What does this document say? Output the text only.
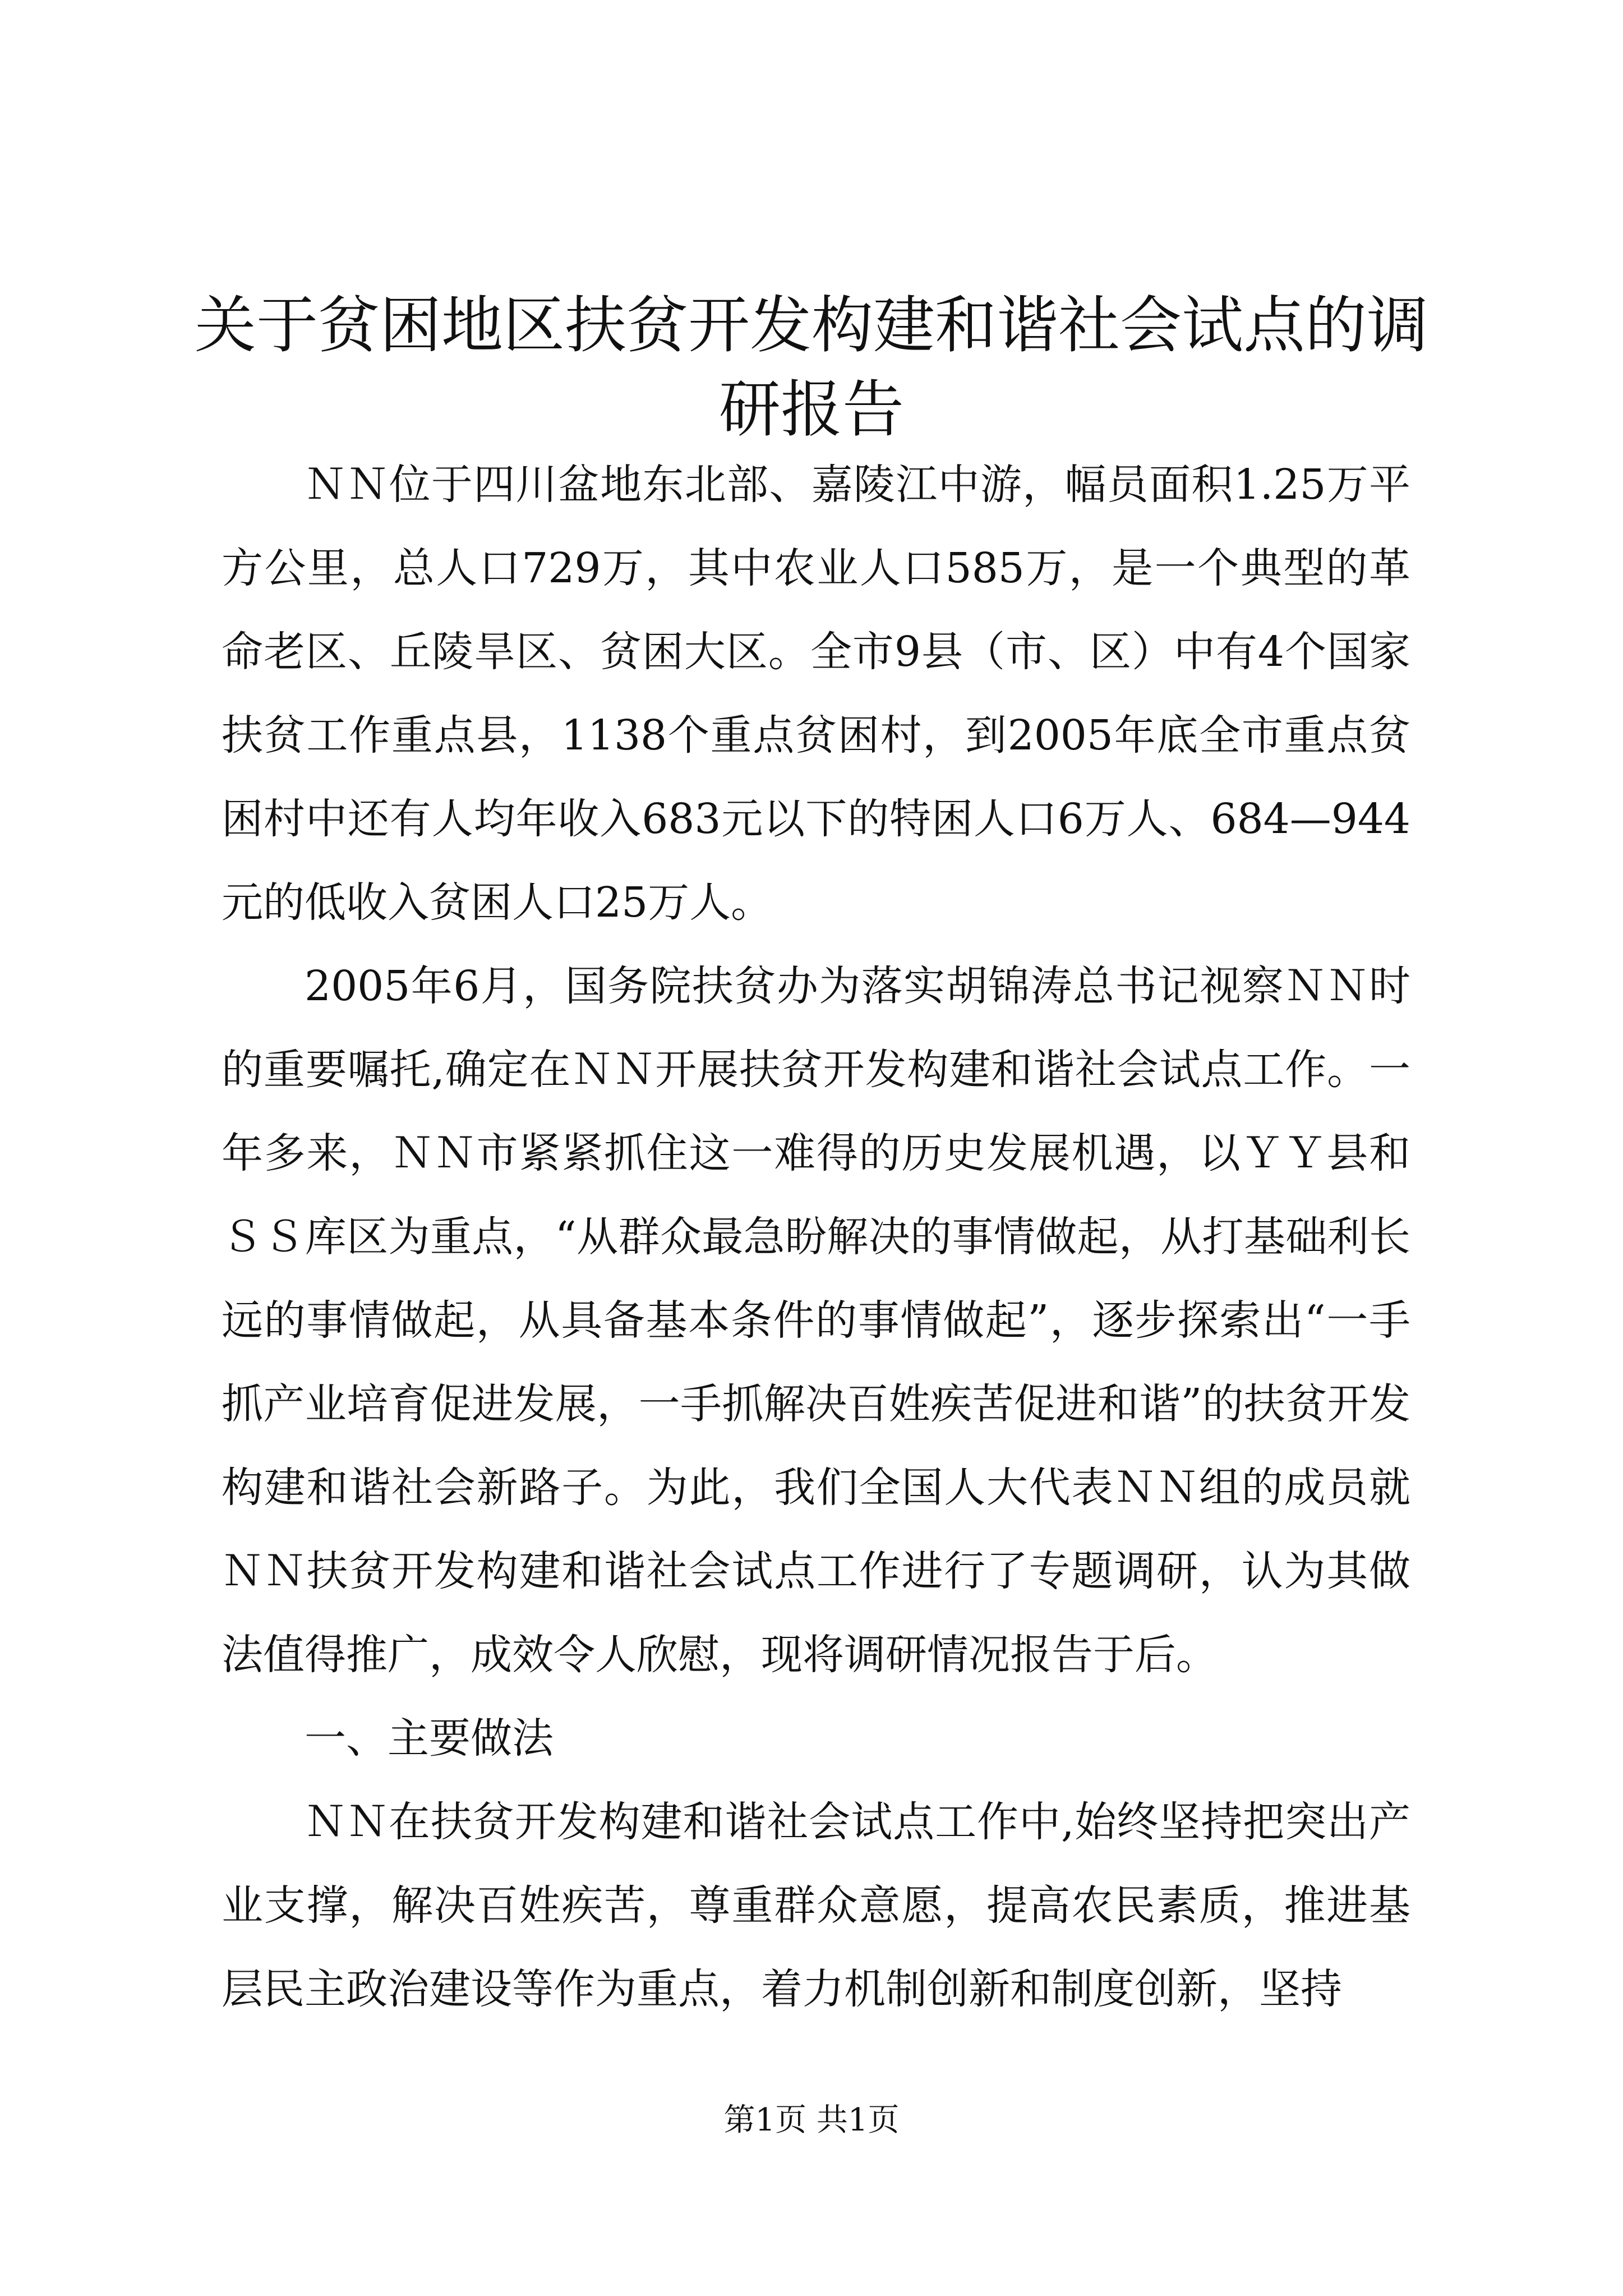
关于贫困地区扶贫开发构建和谐社会试点的调研报告

ＮＮ位于四川盆地东北部、嘉陵江中游，幅员面积1.25万平方公里，总人口729万，其中农业人口585万，是一个典型的革命老区、丘陵旱区、贫困大区。全市9县（市、区）中有4个国家扶贫工作重点县，1138个重点贫困村，到2005年底全市重点贫困村中还有人均年收入683元以下的特困人口6万人、684—944元的低收入贫困人口25万人。

2005年6月，国务院扶贫办为落实胡锦涛总书记视察ＮＮ时的重要嘱托,确定在ＮＮ开展扶贫开发构建和谐社会试点工作。一年多来，ＮＮ市紧紧抓住这一难得的历史发展机遇，以ＹＹ县和ＳＳ库区为重点，“从群众最急盼解决的事情做起，从打基础利长远的事情做起，从具备基本条件的事情做起”，逐步探索出“一手抓产业培育促进发展，一手抓解决百姓疾苦促进和谐”的扶贫开发构建和谐社会新路子。为此，我们全国人大代表ＮＮ组的成员就ＮＮ扶贫开发构建和谐社会试点工作进行了专题调研，认为其做法值得推广，成效令人欣慰，现将调研情况报告于后。

一、主要做法

ＮＮ在扶贫开发构建和谐社会试点工作中,始终坚持把突出产业支撑，解决百姓疾苦，尊重群众意愿，提高农民素质，推进基层民主政治建设等作为重点，着力机制创新和制度创新，坚持

第1页 共1页
